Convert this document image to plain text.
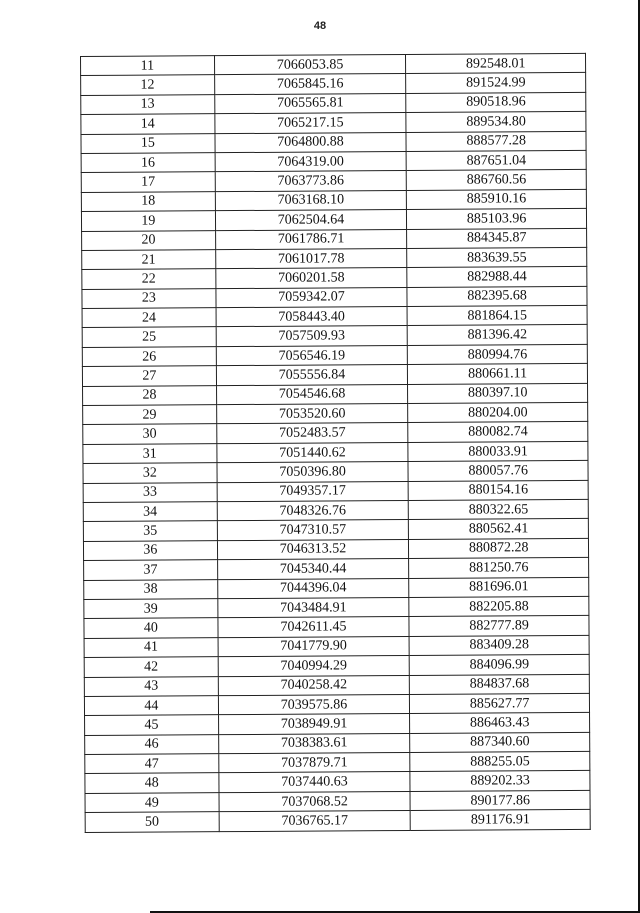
48
11	7066053.85	892548.01
12	7065845.16	891524.99
13	7065565.81	890518.96
14	7065217.15	889534.80
15	7064800.88	888577.28
16	7064319.00	887651.04
17	7063773.86	886760.56
18	7063168.10	885910.16
19	7062504.64	885103.96
20	7061786.71	884345.87
21	7061017.78	883639.55
22	7060201.58	882988.44
23	7059342.07	882395.68
24	7058443.40	881864.15
25	7057509.93	881396.42
26	7056546.19	880994.76
27	7055556.84	880661.11
28	7054546.68	880397.10
29	7053520.60	880204.00
30	7052483.57	880082.74
31	7051440.62	880033.91
32	7050396.80	880057.76
33	7049357.17	880154.16
34	7048326.76	880322.65
35	7047310.57	880562.41
36	7046313.52	880872.28
37	7045340.44	881250.76
38	7044396.04	881696.01
39	7043484.91	882205.88
40	7042611.45	882777.89
41	7041779.90	883409.28
42	7040994.29	884096.99
43	7040258.42	884837.68
44	7039575.86	885627.77
45	7038949.91	886463.43
46	7038383.61	887340.60
47	7037879.71	888255.05
48	7037440.63	889202.33
49	7037068.52	890177.86
50	7036765.17	891176.91
